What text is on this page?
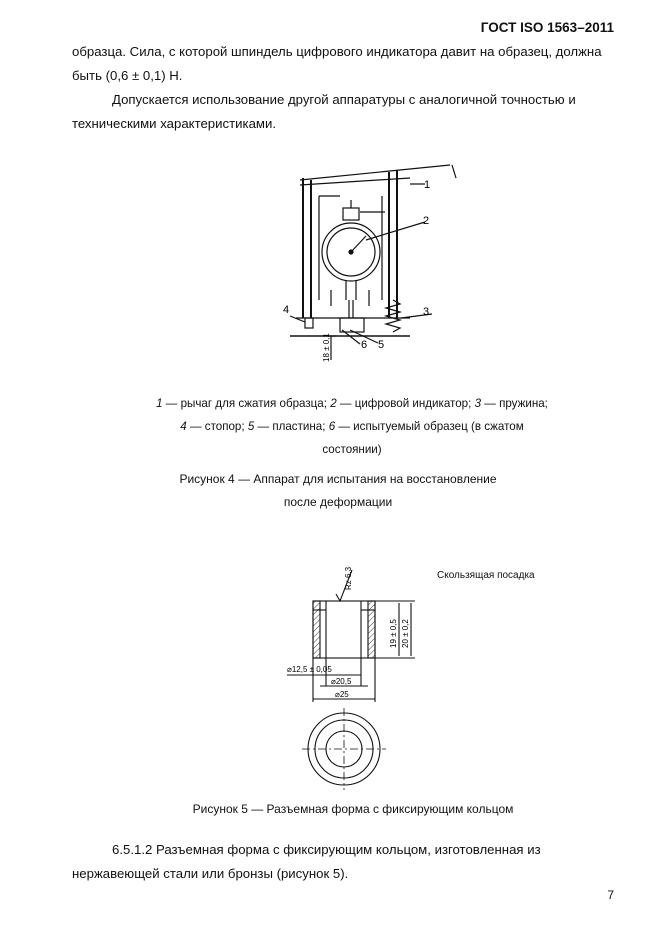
ГОСТ ISO 1563–2011
образца. Сила, с которой шпиндель цифрового индикатора давит на образец, должна
быть (0,6 ± 0,1) Н.
Допускается использование другой аппаратуры с аналогичной точностью и
техническими характеристиками.
1
2
3
4
5
6
18 ± 0,1
1 — рычаг для сжатия образца; 2 — цифровой индикатор; 3 — пружина;
4 — стопор; 5 — пластина; 6 — испытуемый образец (в сжатом
состоянии)
Рисунок 4 — Аппарат для испытания на восстановление
после деформации
Скользящая посадка
Rz 6,3
19 ± 0,5 20 ± 0,2
⌀12,5 ± 0,05
⌀20,5
⌀25
Рисунок 5 — Разъемная форма с фиксирующим кольцом
6.5.1.2 Разъемная форма с фиксирующим кольцом, изготовленная из
нержавеющей стали или бронзы (рисунок 5).
7
